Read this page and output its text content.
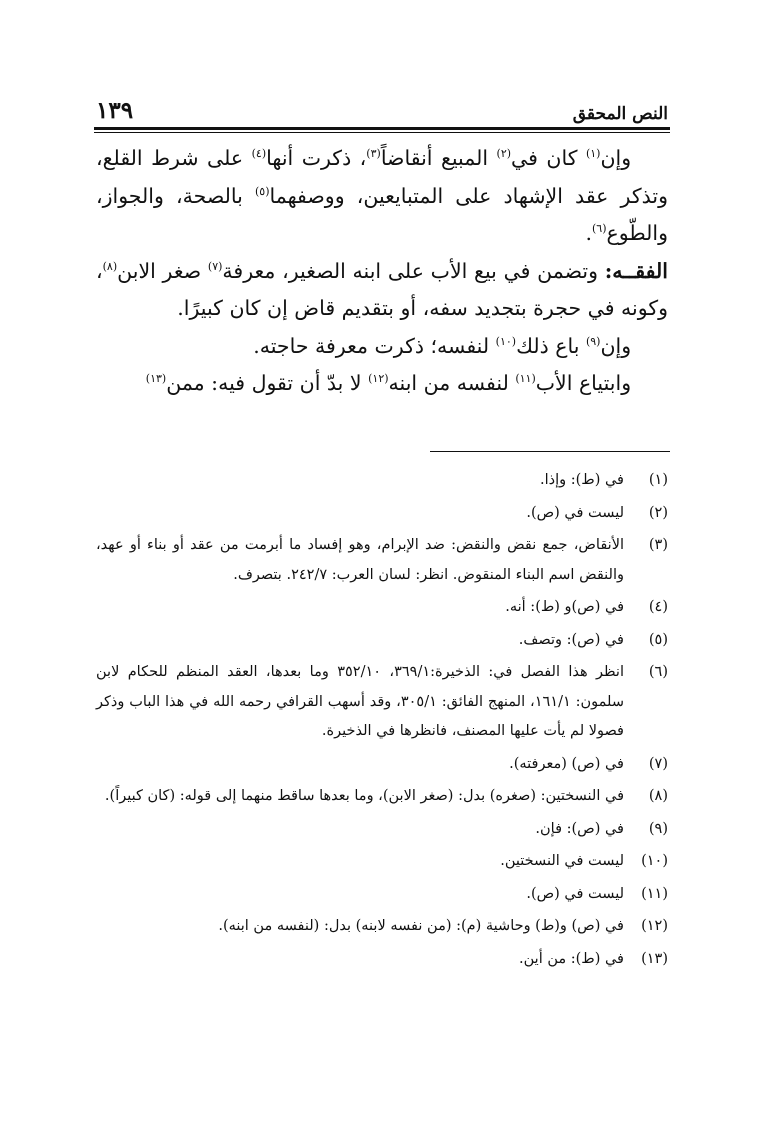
١٣٩	النص المحقق

وإن$^{(١)}$ كان في$^{(٢)}$ المبيع أنقاضاً$^{(٣)}$، ذكرت أنها$^{(٤)}$ على شرط القلع، وتذكر عقد الإشهاد على المتبايعين، ووصفهما$^{(٥)}$ بالصحة، والجواز، والطّوع$^{(٦)}$.

الفقــه: وتضمن في بيع الأب على ابنه الصغير، معرفة$^{(٧)}$ صغر الابن$^{(٨)}$، وكونه في حجرة بتجديد سفه، أو بتقديم قاض إن كان كبيرًا.

وإن$^{(٩)}$ باع ذلك$^{(١٠)}$ لنفسه؛ ذكرت معرفة حاجته.

وابتياع الأب$^{(١١)}$ لنفسه من ابنه$^{(١٢)}$ لا بدّ أن تقول فيه: ممن$^{(١٣)}$

(١)
في (ط): وإذا.
(٢)
ليست في (ص).
(٣)
الأنقاض، جمع نقض والنقض: ضد الإبرام، وهو إفساد ما أبرمت من عقد أو بناء أو عهد، والنقض اسم البناء المنقوض. انظر: لسان العرب: ٢٤٢/٧. بتصرف.
(٤)
في (ص)و (ط): أنه.
(٥)
في (ص): وتصف.
(٦)
انظر هذا الفصل في: الذخيرة:٣٦٩/١، ٣٥٢/١٠ وما بعدها، العقد المنظم للحكام لابن سلمون: ١٦١/١، المنهج الفائق: ٣٠٥/١، وقد أسهب القرافي رحمه الله في هذا الباب وذكر فصولا لم يأت عليها المصنف، فانظرها في الذخيرة.
(٧)
في (ص) (معرفته).
(٨)
في النسختين: (صغره) بدل: (صغر الابن)، وما بعدها ساقط منهما إلى قوله: (كان كبيراً).
(٩)
في (ص): فإن.
(١٠)
ليست في النسختين.
(١١)
ليست في (ص).
(١٢)
في (ص) و(ط) وحاشية (م): (من نفسه لابنه) بدل: (لنفسه من ابنه).
(١٣)
في (ط): من أين.
